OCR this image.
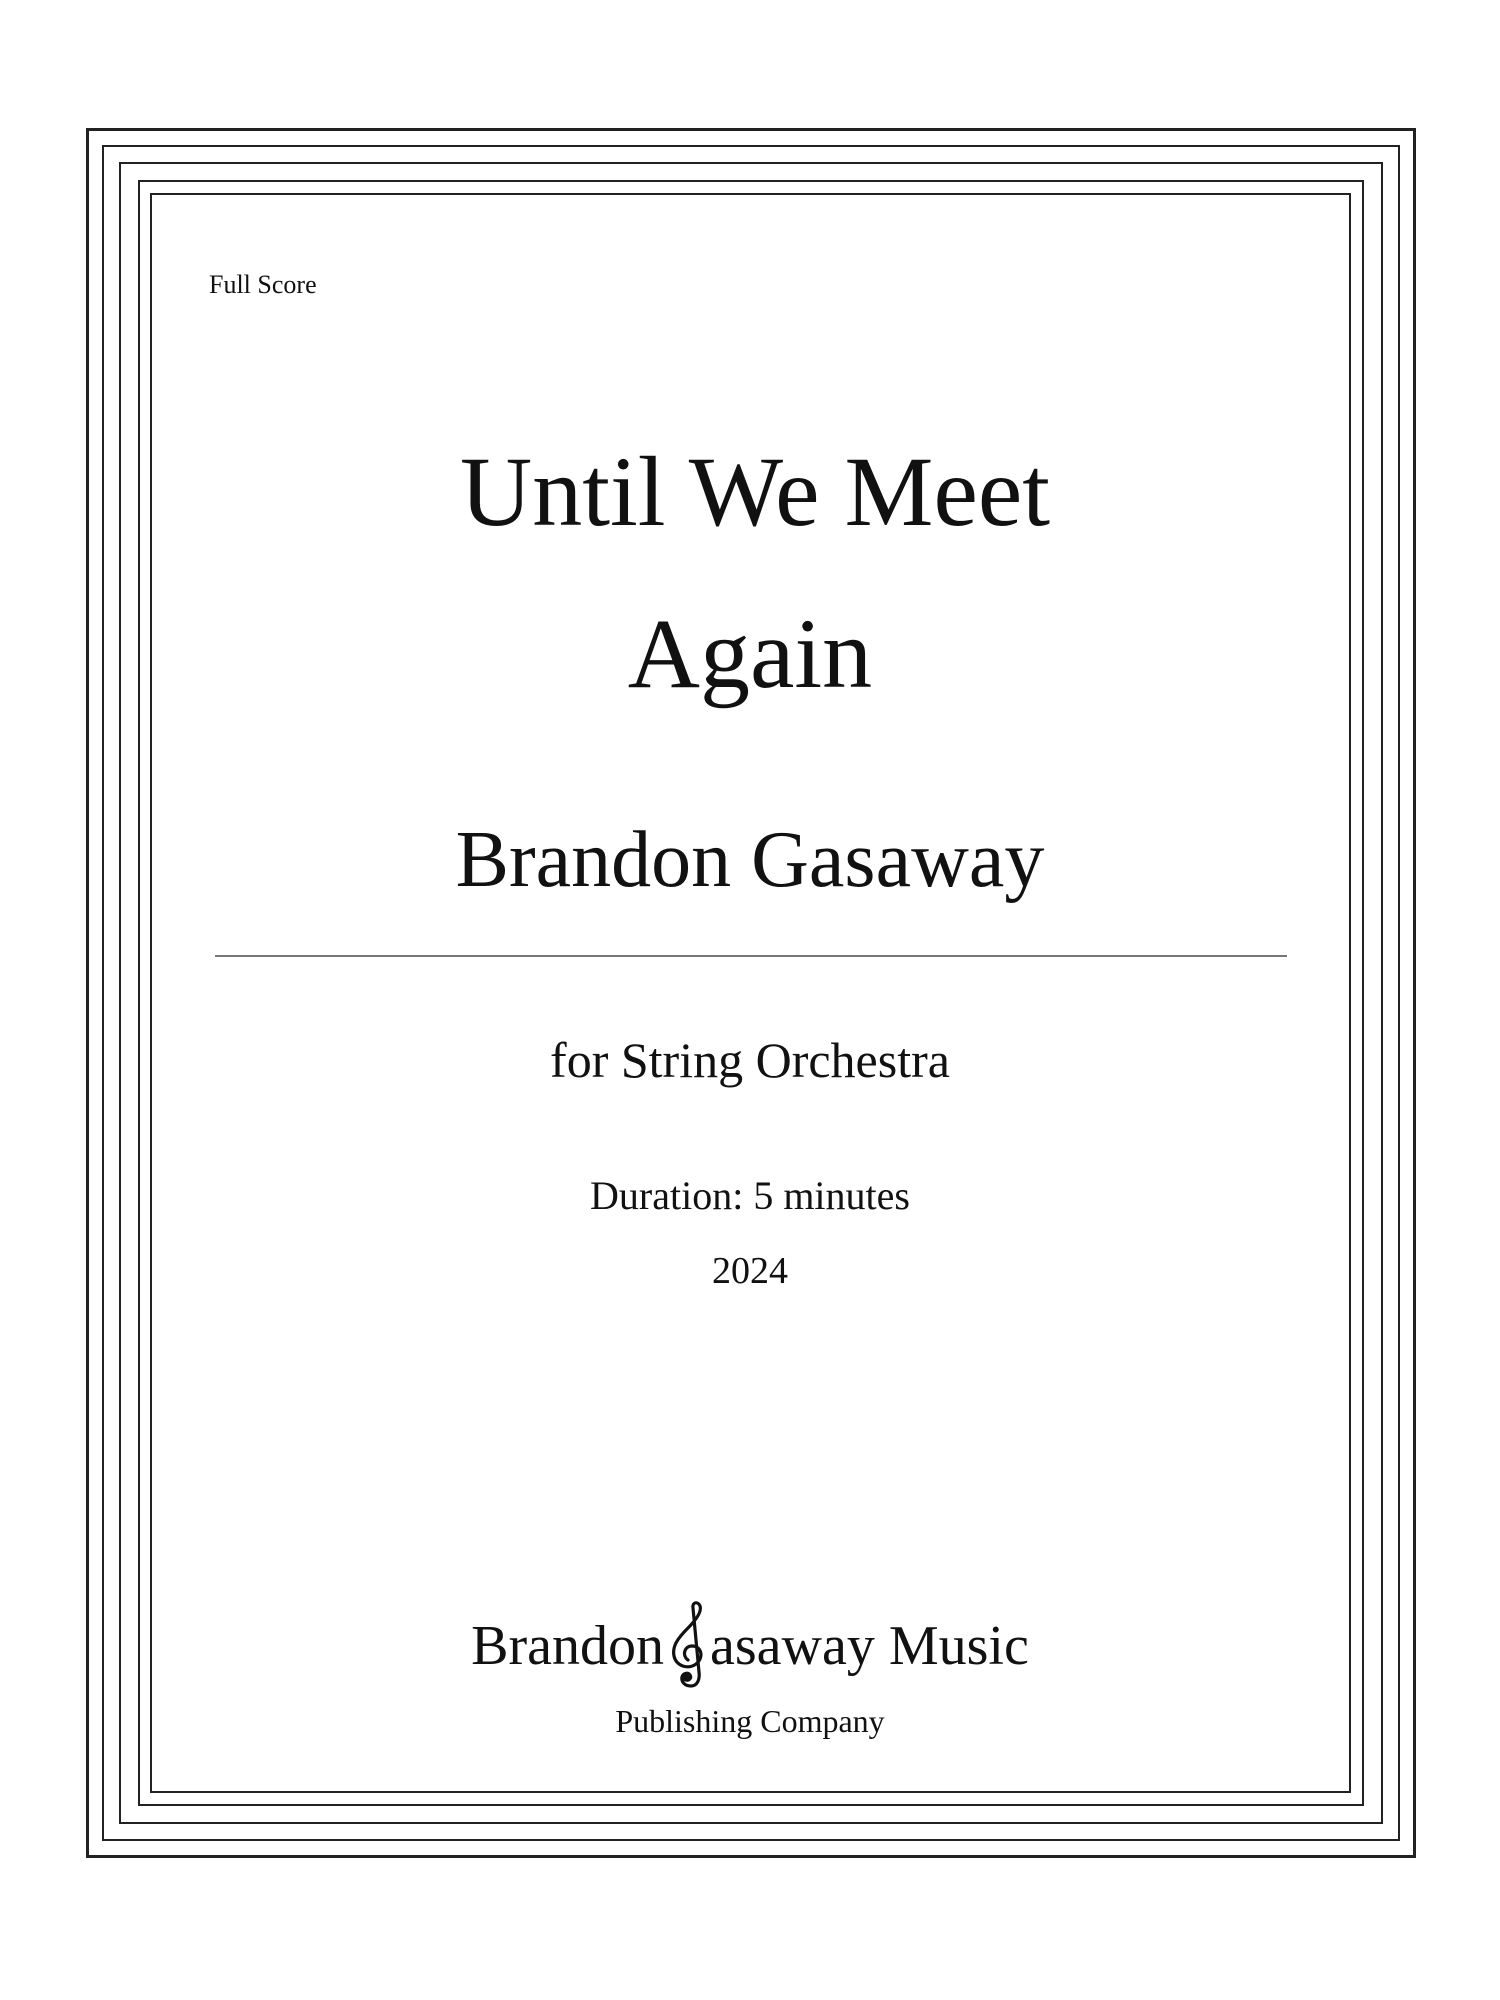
Full Score
Until We Meet
Again
Brandon Gasaway
for String Orchestra
Duration: 5 minutes
2024
Brandonasaway Music
Publishing Company
